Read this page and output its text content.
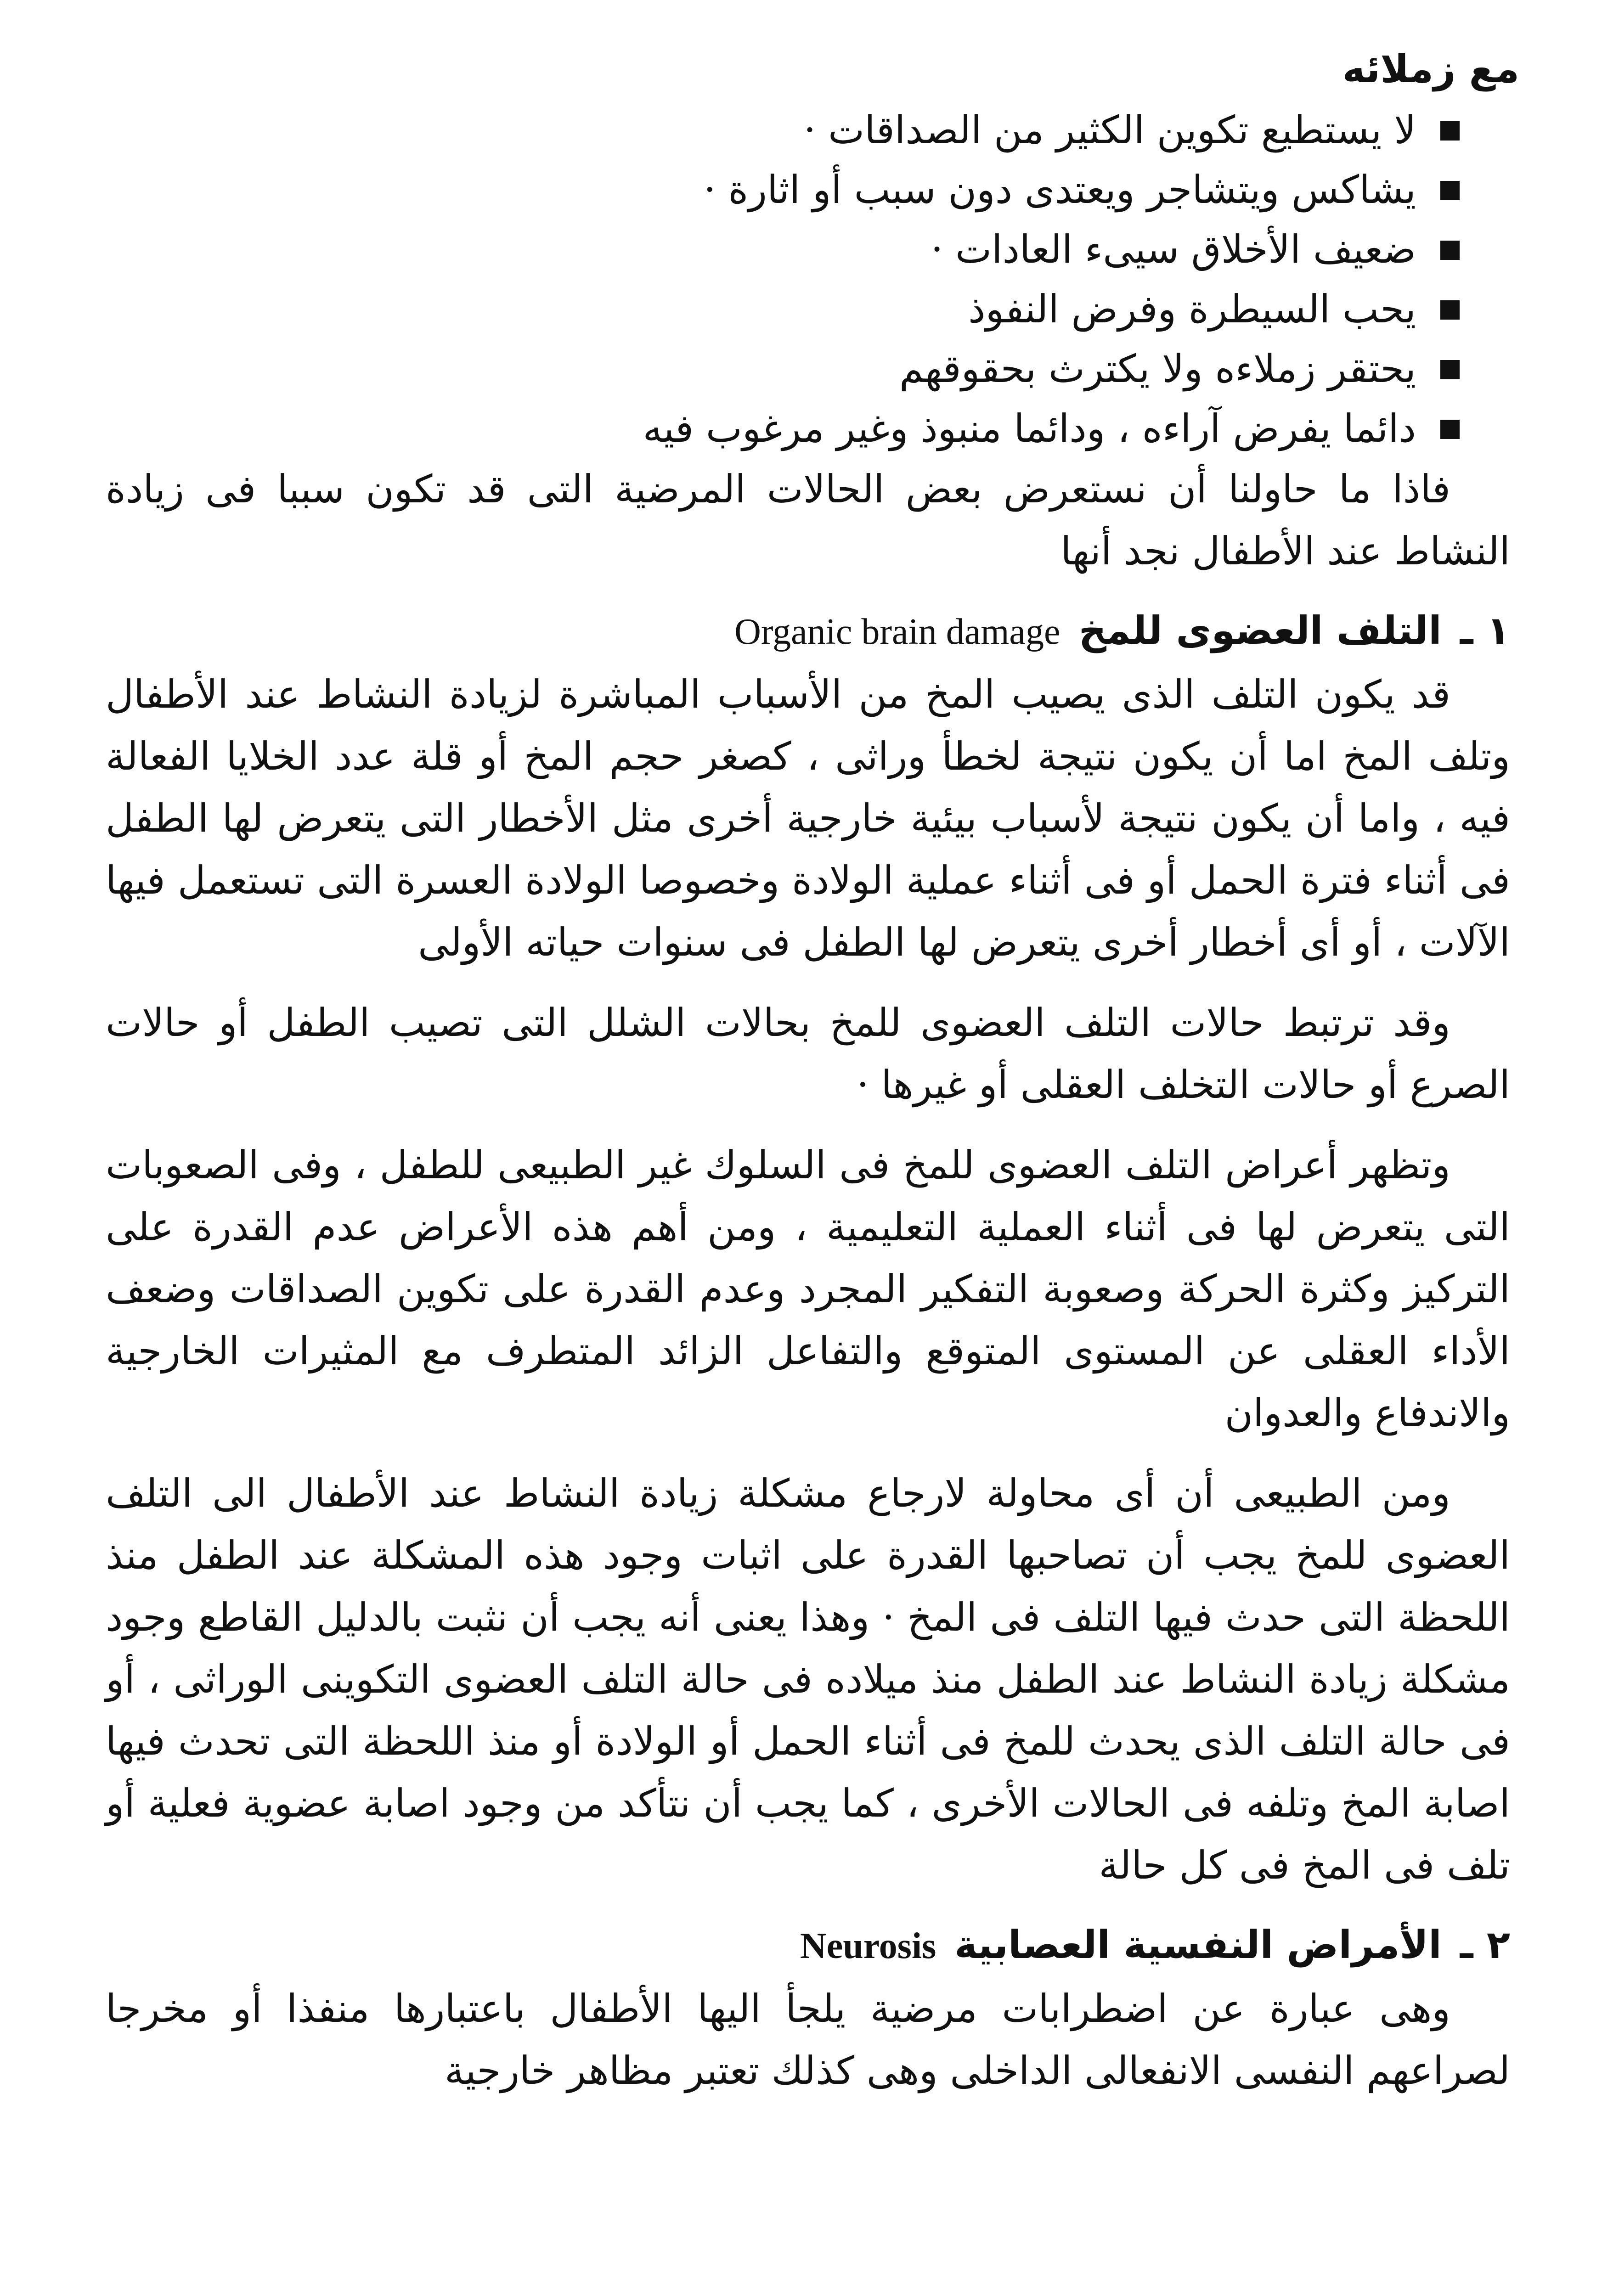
مع زملائه
لا يستطيع تكوين الكثير من الصداقات ·
يشاكس ويتشاجر ويعتدى دون سبب أو اثارة ·
ضعيف الأخلاق سيىء العادات ·
يحب السيطرة وفرض النفوذ
يحتقر زملاءه ولا يكترث بحقوقهم
دائما يفرض آراءه ، ودائما منبوذ وغير مرغوب فيه

فاذا ما حاولنا أن نستعرض بعض الحالات المرضية التى قد تكون سببا فى زيادة النشاط عند الأطفال نجد أنها

١ ـ
التلف العضوى للمخ
Organic brain damage

قد يكون التلف الذى يصيب المخ من الأسباب المباشرة لزيادة النشاط عند الأطفال وتلف المخ اما أن يكون نتيجة لخطأ وراثى ، كصغر حجم المخ أو قلة عدد الخلايا الفعالة فيه ، واما أن يكون نتيجة لأسباب بيئية خارجية أخرى مثل الأخطار التى يتعرض لها الطفل فى أثناء فترة الحمل أو فى أثناء عملية الولادة وخصوصا الولادة العسرة التى تستعمل فيها الآلات ، أو أى أخطار أخرى يتعرض لها الطفل فى سنوات حياته الأولى

وقد ترتبط حالات التلف العضوى للمخ بحالات الشلل التى تصيب الطفل أو حالات الصرع أو حالات التخلف العقلى أو غيرها ·

وتظهر أعراض التلف العضوى للمخ فى السلوك غير الطبيعى للطفل ، وفى الصعوبات التى يتعرض لها فى أثناء العملية التعليمية ، ومن أهم هذه الأعراض عدم القدرة على التركيز وكثرة الحركة وصعوبة التفكير المجرد وعدم القدرة على تكوين الصداقات وضعف الأداء العقلى عن المستوى المتوقع والتفاعل الزائد المتطرف مع المثيرات الخارجية والاندفاع والعدوان

ومن الطبيعى أن أى محاولة لارجاع مشكلة زيادة النشاط عند الأطفال الى التلف العضوى للمخ يجب أن تصاحبها القدرة على اثبات وجود هذه المشكلة عند الطفل منذ اللحظة التى حدث فيها التلف فى المخ · وهذا يعنى أنه يجب أن نثبت بالدليل القاطع وجود مشكلة زيادة النشاط عند الطفل منذ ميلاده فى حالة التلف العضوى التكوينى الوراثى ، أو فى حالة التلف الذى يحدث للمخ فى أثناء الحمل أو الولادة أو منذ اللحظة التى تحدث فيها اصابة المخ وتلفه فى الحالات الأخرى ، كما يجب أن نتأكد من وجود اصابة عضوية فعلية أو تلف فى المخ فى كل حالة

٢ ـ
الأمراض النفسية العصابية
Neurosis

وهى عبارة عن اضطرابات مرضية يلجأ اليها الأطفال باعتبارها منفذا أو مخرجا لصراعهم النفسى الانفعالى الداخلى وهى كذلك تعتبر مظاهر خارجية
